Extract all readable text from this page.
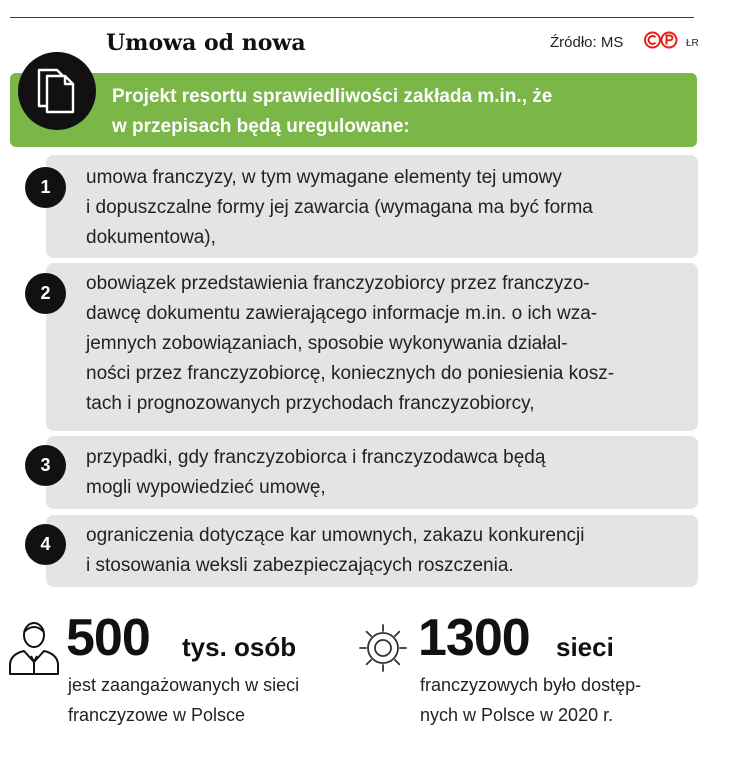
Umowa od nowa	Źródło: MS	ŁR
Projekt resortu sprawiedliwości zakłada m.in., że
w przepisach będą uregulowane:
umowa franczyzy, w tym wymagane elementy tej umowy
i dopuszczalne formy jej zawarcia (wymagana ma być forma
dokumentowa),
1
obowiązek przedstawienia franczyzobiorcy przez franczyzo-
dawcę dokumentu zawierającego informacje m.in. o ich wza-
jemnych zobowiązaniach, sposobie wykonywania działal-
ności przez franczyzobiorcę, koniecznych do poniesienia kosz-
tach i prognozowanych przychodach franczyzobiorcy,
2
przypadki, gdy franczyzobiorca i franczyzodawca będą
mogli wypowiedzieć umowę,
3
ograniczenia dotyczące kar umownych, zakazu konkurencji
i stosowania weksli zabezpieczających roszczenia.
4
500 tys. osób
jest zaangażowanych w sieci
franczyzowe w Polsce
1300 sieci
franczyzowych było dostęp-
nych w Polsce w 2020 r.
